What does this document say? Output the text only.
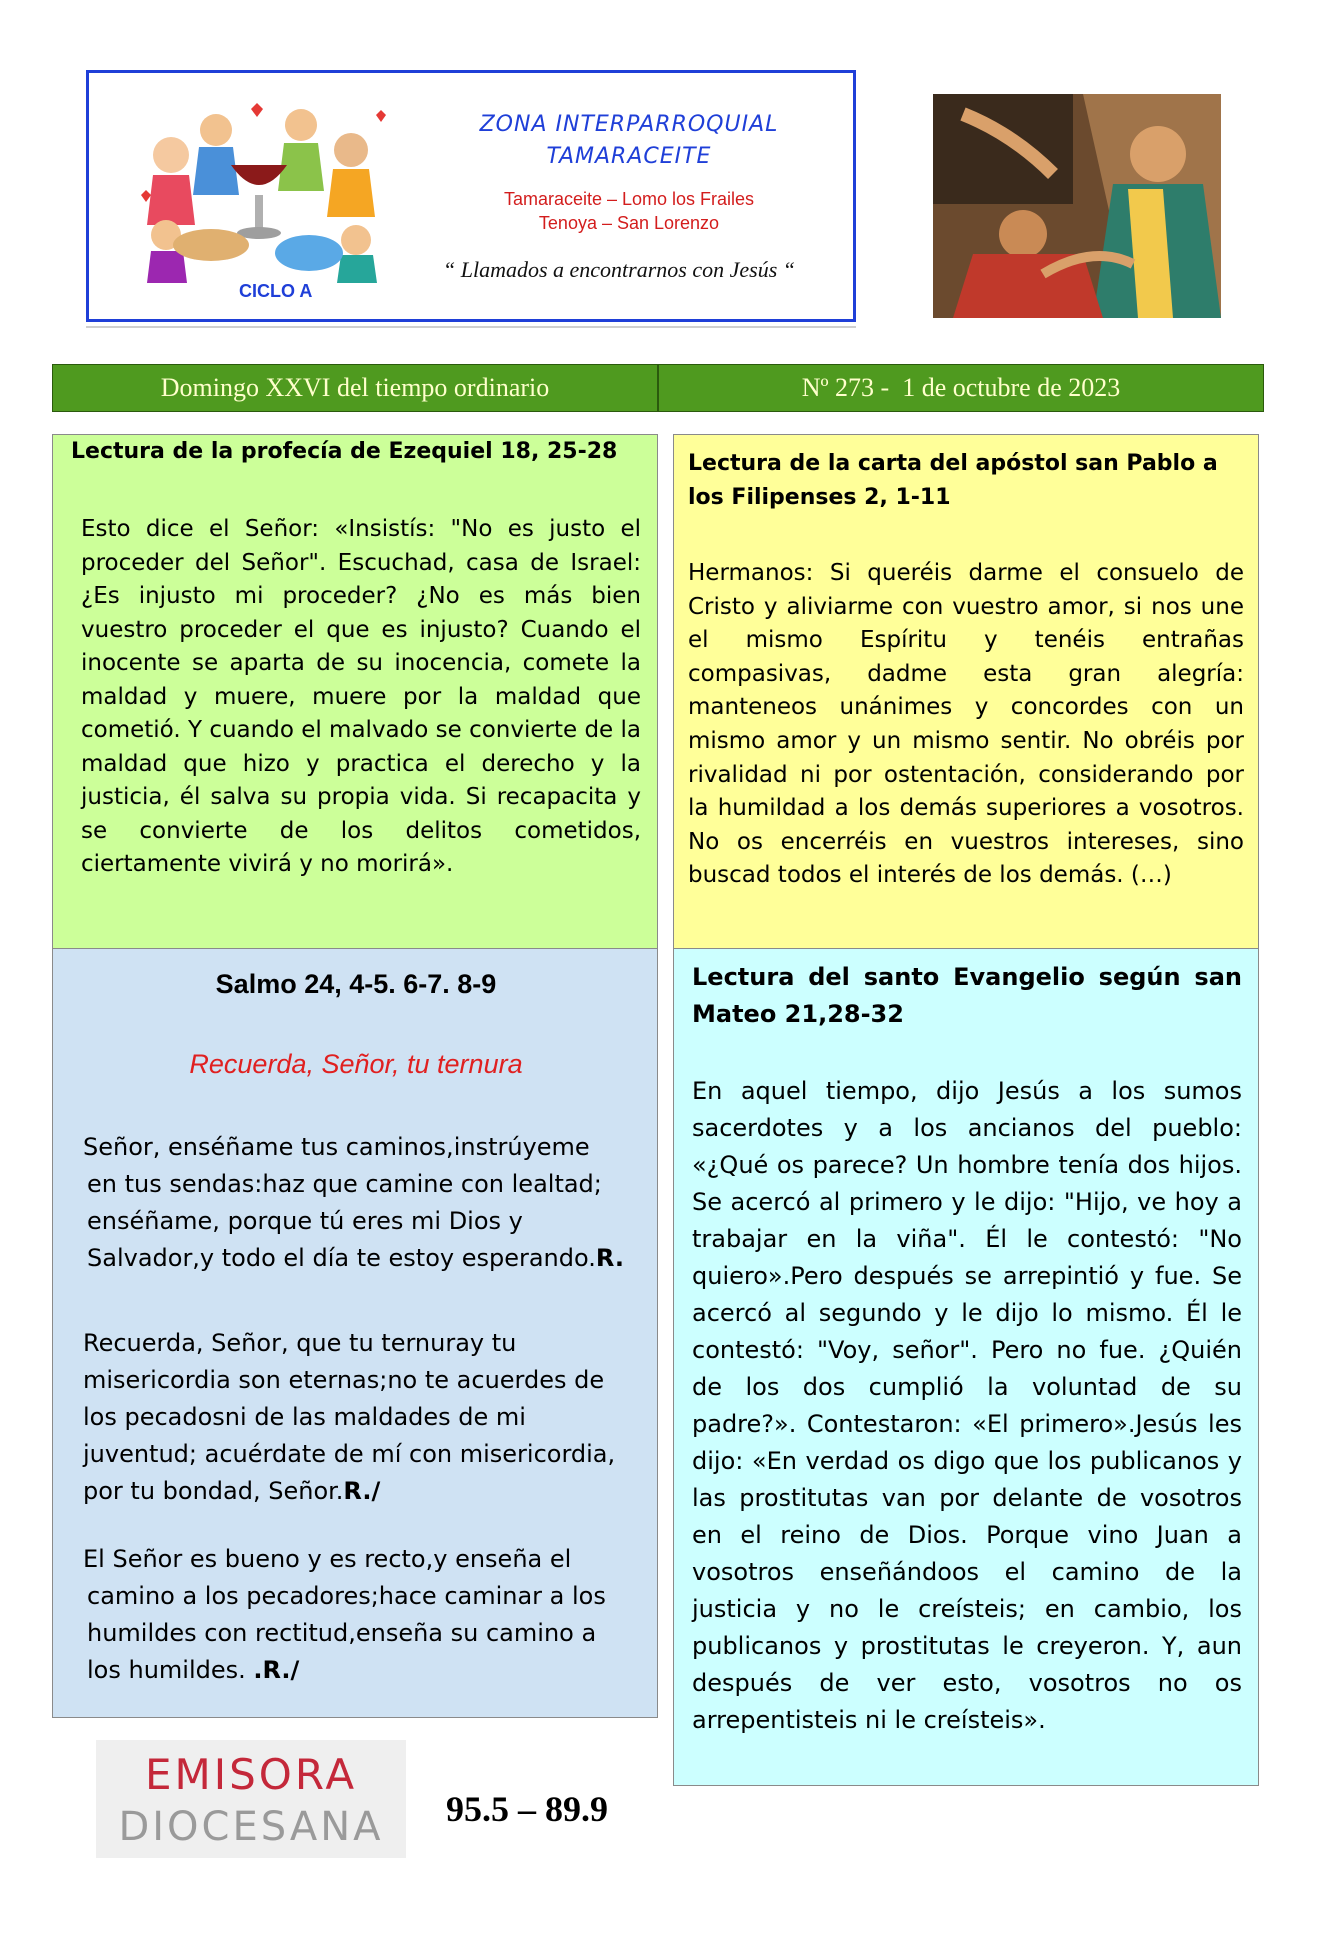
ZONA INTERPARROQUIAL
TAMARACEITE
Tamaraceite – Lomo los Frailes
Tenoya – San Lorenzo
“ Llamados a encontrarnos con Jesús “
CICLO A
Domingo XXVI del tiempo ordinario	Nº 273 -  1 de octubre de 2023
Lectura de la profecía de Ezequiel 18, 25-28
Esto dice el Señor: «Insistís: "No es justo el proceder del Señor". Escuchad, casa de Israel: ¿Es injusto mi proceder? ¿No es más bien vuestro proceder el que es injusto? Cuando el inocente se aparta de su inocencia, comete la maldad y muere, muere por la maldad que cometió. Y cuando el malvado se convierte de la maldad que hizo y practica el derecho y la justicia, él salva su propia vida. Si recapacita y se convierte de los delitos cometidos, ciertamente vivirá y no morirá».
Lectura de la carta del apóstol san Pablo a los Filipenses 2, 1-11
Hermanos: Si queréis darme el consuelo de Cristo y aliviarme con vuestro amor, si nos une el mismo Espíritu y tenéis entrañas compasivas, dadme esta gran alegría: manteneos unánimes y concordes con un mismo amor y un mismo sentir. No obréis por rivalidad ni por ostentación, considerando por la humildad a los demás superiores a vosotros. No os encerréis en vuestros intereses, sino buscad todos el interés de los demás. (…)
Salmo 24, 4-5. 6-7. 8-9
Recuerda, Señor, tu ternura
Señor, enséñame tus caminos,instrúyeme
en tus sendas:haz que camine con lealtad;
enséñame, porque tú eres mi Dios y
Salvador,y todo el día te estoy esperando.R.
Recuerda, Señor, que tu ternuray tu
misericordia son eternas;no te acuerdes de
los pecadosni de las maldades de mi
juventud; acuérdate de mí con misericordia,
por tu bondad, Señor.R./
El Señor es bueno y es recto,y enseña el
camino a los pecadores;hace caminar a los
humildes con rectitud,enseña su camino a
los humildes. .R./
Lectura del santo Evangelio según san Mateo 21,28-32
En aquel tiempo, dijo Jesús a los sumos sacerdotes y a los ancianos del pueblo: «¿Qué os parece? Un hombre tenía dos hijos. Se acercó al primero y le dijo: "Hijo, ve hoy a trabajar en la viña". Él le contestó: "No quiero».Pero después se arrepintió y fue. Se acercó al segundo y le dijo lo mismo. Él le contestó: "Voy, señor". Pero no fue. ¿Quién de los dos cumplió la voluntad de su padre?». Contestaron: «El primero».Jesús les dijo: «En verdad os digo que los publicanos y las prostitutas van por delante de vosotros en el reino de Dios. Porque vino Juan a vosotros enseñándoos el camino de la justicia y no le creísteis; en cambio, los publicanos y prostitutas le creyeron. Y, aun después de ver esto, vosotros no os arrepentisteis ni le creísteis».
EMISORA
DIOCESANA	95.5 – 89.9
